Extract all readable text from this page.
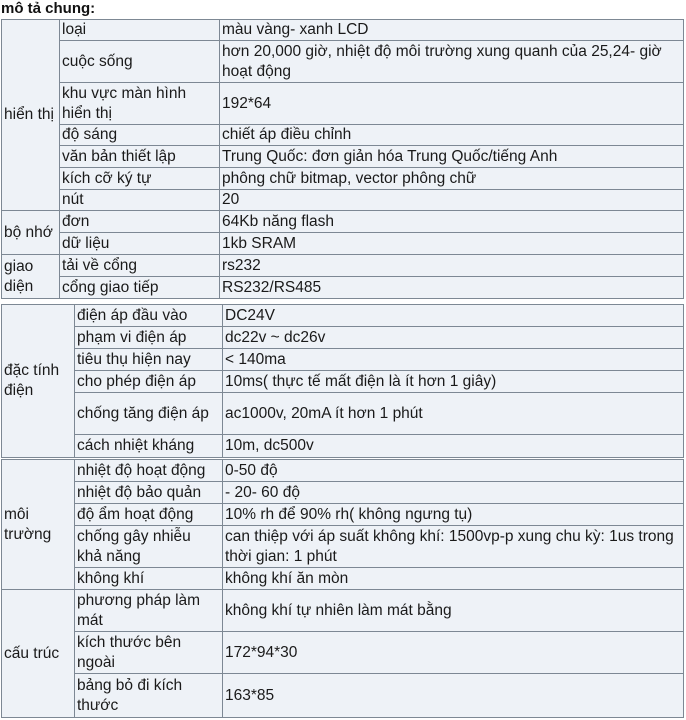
mô tả chung:
hiển thị	loại	màu vàng- xanh LCD
	cuộc sống	hơn 20,000 giờ, nhiệt độ môi trường xung quanh của 25,24- giờ hoạt động
	khu vực màn hình hiển thị	192*64
	độ sáng	chiết áp điều chỉnh
	văn bản thiết lập	Trung Quốc: đơn giản hóa Trung Quốc/tiếng Anh
	kích cỡ ký tự	phông chữ bitmap, vector phông chữ
	nút	20
bộ nhớ	đơn	64Kb năng flash
	dữ liệu	1kb SRAM
giao diện	tải về cổng	rs232
	cổng giao tiếp	RS232/RS485
đặc tính điện	điện áp đầu vào	DC24V
	phạm vi điện áp	dc22v ~ dc26v
	tiêu thụ hiện nay	< 140ma
	cho phép điện áp	10ms( thực tế mất điện là ít hơn 1 giây)
	chống tăng điện áp	ac1000v, 20mA ít hơn 1 phút
	cách nhiệt kháng	10m, dc500v
môi trường	nhiệt độ hoạt động	0-50 độ
	nhiệt độ bảo quản	- 20- 60 độ
	độ ẩm hoạt động	10% rh để 90% rh( không ngưng tụ)
	chống gây nhiễu khả năng	can thiệp với áp suất không khí: 1500vp-p xung chu kỳ: 1us trong thời gian: 1 phút
	không khí	không khí ăn mòn
cấu trúc	phương pháp làm mát	không khí tự nhiên làm mát bằng
	kích thước bên ngoài	172*94*30
	bảng bỏ đi kích thước	163*85
